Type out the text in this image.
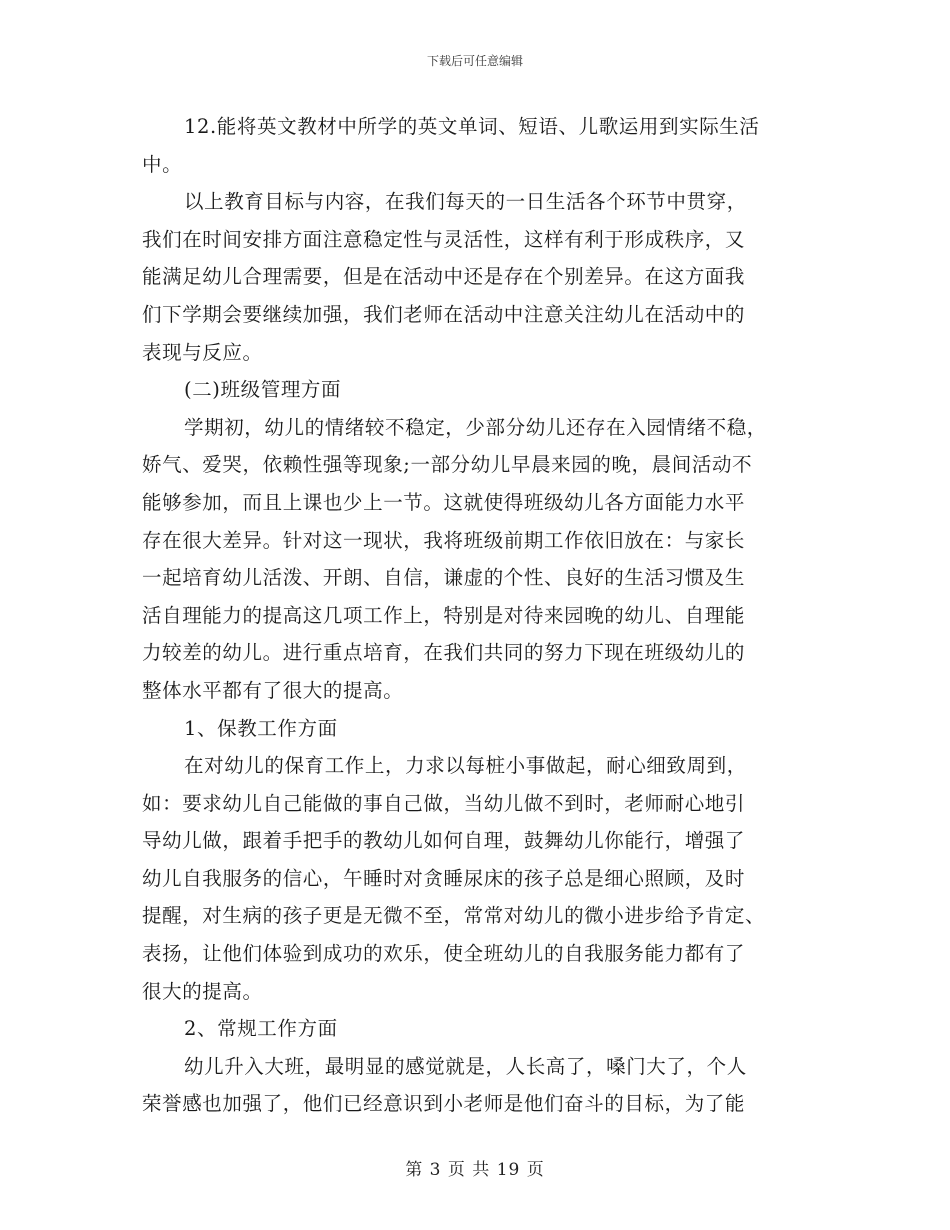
下载后可任意编辑
12.能将英文教材中所学的英文单词、短语、儿歌运用到实际生活
中。
以上教育目标与内容，在我们每天的一日生活各个环节中贯穿，
我们在时间安排方面注意稳定性与灵活性，这样有利于形成秩序，又
能满足幼儿合理需要，但是在活动中还是存在个别差异。在这方面我
们下学期会要继续加强，我们老师在活动中注意关注幼儿在活动中的
表现与反应。
(二)班级管理方面
学期初，幼儿的情绪较不稳定，少部分幼儿还存在入园情绪不稳，
娇气、爱哭，依赖性强等现象;一部分幼儿早晨来园的晚，晨间活动不
能够参加，而且上课也少上一节。这就使得班级幼儿各方面能力水平
存在很大差异。针对这一现状，我将班级前期工作依旧放在：与家长
一起培育幼儿活泼、开朗、自信，谦虚的个性、良好的生活习惯及生
活自理能力的提高这几项工作上，特别是对待来园晚的幼儿、自理能
力较差的幼儿。进行重点培育，在我们共同的努力下现在班级幼儿的
整体水平都有了很大的提高。
1、保教工作方面
在对幼儿的保育工作上，力求以每桩小事做起，耐心细致周到，
如：要求幼儿自己能做的事自己做，当幼儿做不到时，老师耐心地引
导幼儿做，跟着手把手的教幼儿如何自理，鼓舞幼儿你能行，增强了
幼儿自我服务的信心，午睡时对贪睡尿床的孩子总是细心照顾，及时
提醒，对生病的孩子更是无微不至，常常对幼儿的微小进步给予肯定、
表扬，让他们体验到成功的欢乐，使全班幼儿的自我服务能力都有了
很大的提高。
2、常规工作方面
幼儿升入大班，最明显的感觉就是，人长高了，嗓门大了，个人
荣誉感也加强了，他们已经意识到小老师是他们奋斗的目标，为了能
第 3 页 共 19 页
